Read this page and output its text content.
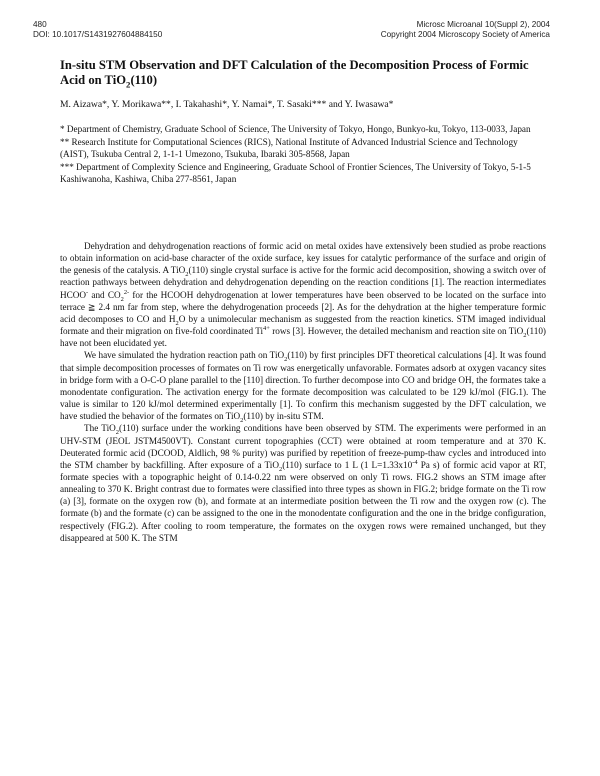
480
DOI: 10.1017/S143192760488415​0
Microsc Microanal 10(Suppl 2), 2004
Copyright 2004 Microscopy Society of America
In-situ STM Observation and DFT Calculation of the Decomposition Process of Formic Acid on TiO$_2$(110)

M. Aizawa*, Y. Morikawa**, I. Takahashi*, Y. Namai*, T. Sasaki*** and Y. Iwasawa*

* Department of Chemistry, Graduate School of Science, The University of Tokyo, Hongo, Bunkyo-ku, Tokyo, 113-0033, Japan

** Research Institute for Computational Sciences (RICS), National Institute of Advanced Industrial Science and Technology (AIST), Tsukuba Central 2, 1-1-1 Umezono, Tsukuba, Ibaraki 305-8568, Japan

*** Department of Complexity Science and Engineering, Graduate School of Frontier Sciences, The University of Tokyo, 5-1-5 Kashiwanoha, Kashiwa, Chiba 277-8561, Japan

Dehydration and dehydrogenation reactions of formic acid on metal oxides have extensively been studied as probe reactions to obtain information on acid-base character of the oxide surface, key issues for catalytic performance of the surface and origin of the genesis of the catalysis. A TiO$_2$(110) single crystal surface is active for the formic acid decomposition, showing a switch over of reaction pathways between dehydration and dehydrogenation depending on the reaction conditions [1]. The reaction intermediates HCOO- and $CO_2^{2-}$ for the HCOOH dehydrogenation at lower temperatures have been observed to be located on the surface into terrace ≧ 2.4 nm far from step, where the dehydrogenation proceeds [2]. As for the dehydration at the higher temperature formic acid decomposes to CO and $H_2O$ by a unimolecular mechanism as suggested from the reaction kinetics. STM imaged individual formate and their migration on five-fold coordinated $Ti^{4+}$ rows [3]. However, the detailed mechanism and reaction site on TiO$_2$(110) have not been elucidated yet.

We have simulated the hydration reaction path on TiO$_2$(110) by first principles DFT theoretical calculations [4]. It was found that simple decomposition processes of formates on Ti row was energetically unfavorable. Formates adsorb at oxygen vacancy sites in bridge form with a O-C-O plane parallel to the [110] direction. To further decompose into CO and bridge OH, the formates take a monodentate configuration. The activation energy for the formate decomposition was calculated to be 129 kJ/mol (FIG.1). The value is similar to 120 kJ/mol determined experimentally [1]. To confirm this mechanism suggested by the DFT calculation, we have studied the behavior of the formates on TiO$_2$(110) by in-situ STM.

The TiO$_2$(110) surface under the working conditions have been observed by STM. The experiments were performed in an UHV-STM (JEOL JSTM4500VT). Constant current topographies (CCT) were obtained at room temperature and at 370 K. Deuterated formic acid (DCOOD, Aldlich, 98 % purity) was purified by repetition of freeze-pump-thaw cycles and introduced into the STM chamber by backfilling. After exposure of a TiO$_2$(110) surface to 1 L (1 $L=1.33x10^{-4}$ Pa s) of formic acid vapor at RT, formate species with a topographic height of 0.14-0.22 nm were observed on only Ti rows. FIG.2 shows an STM image after annealing to 370 K. Bright contrast due to formates were classified into three types as shown in FIG.2; bridge formate on the Ti row (a) [3], formate on the oxygen row (b), and formate at an intermediate position between the Ti row and the oxygen row (c). The formate (b) and the formate (c) can be assigned to the one in the monodentate configuration and the one in the bridge configuration, respectively (FIG.2). After cooling to room temperature, the formates on the oxygen rows were remained unchanged, but they disappeared at 500 K. The STM
